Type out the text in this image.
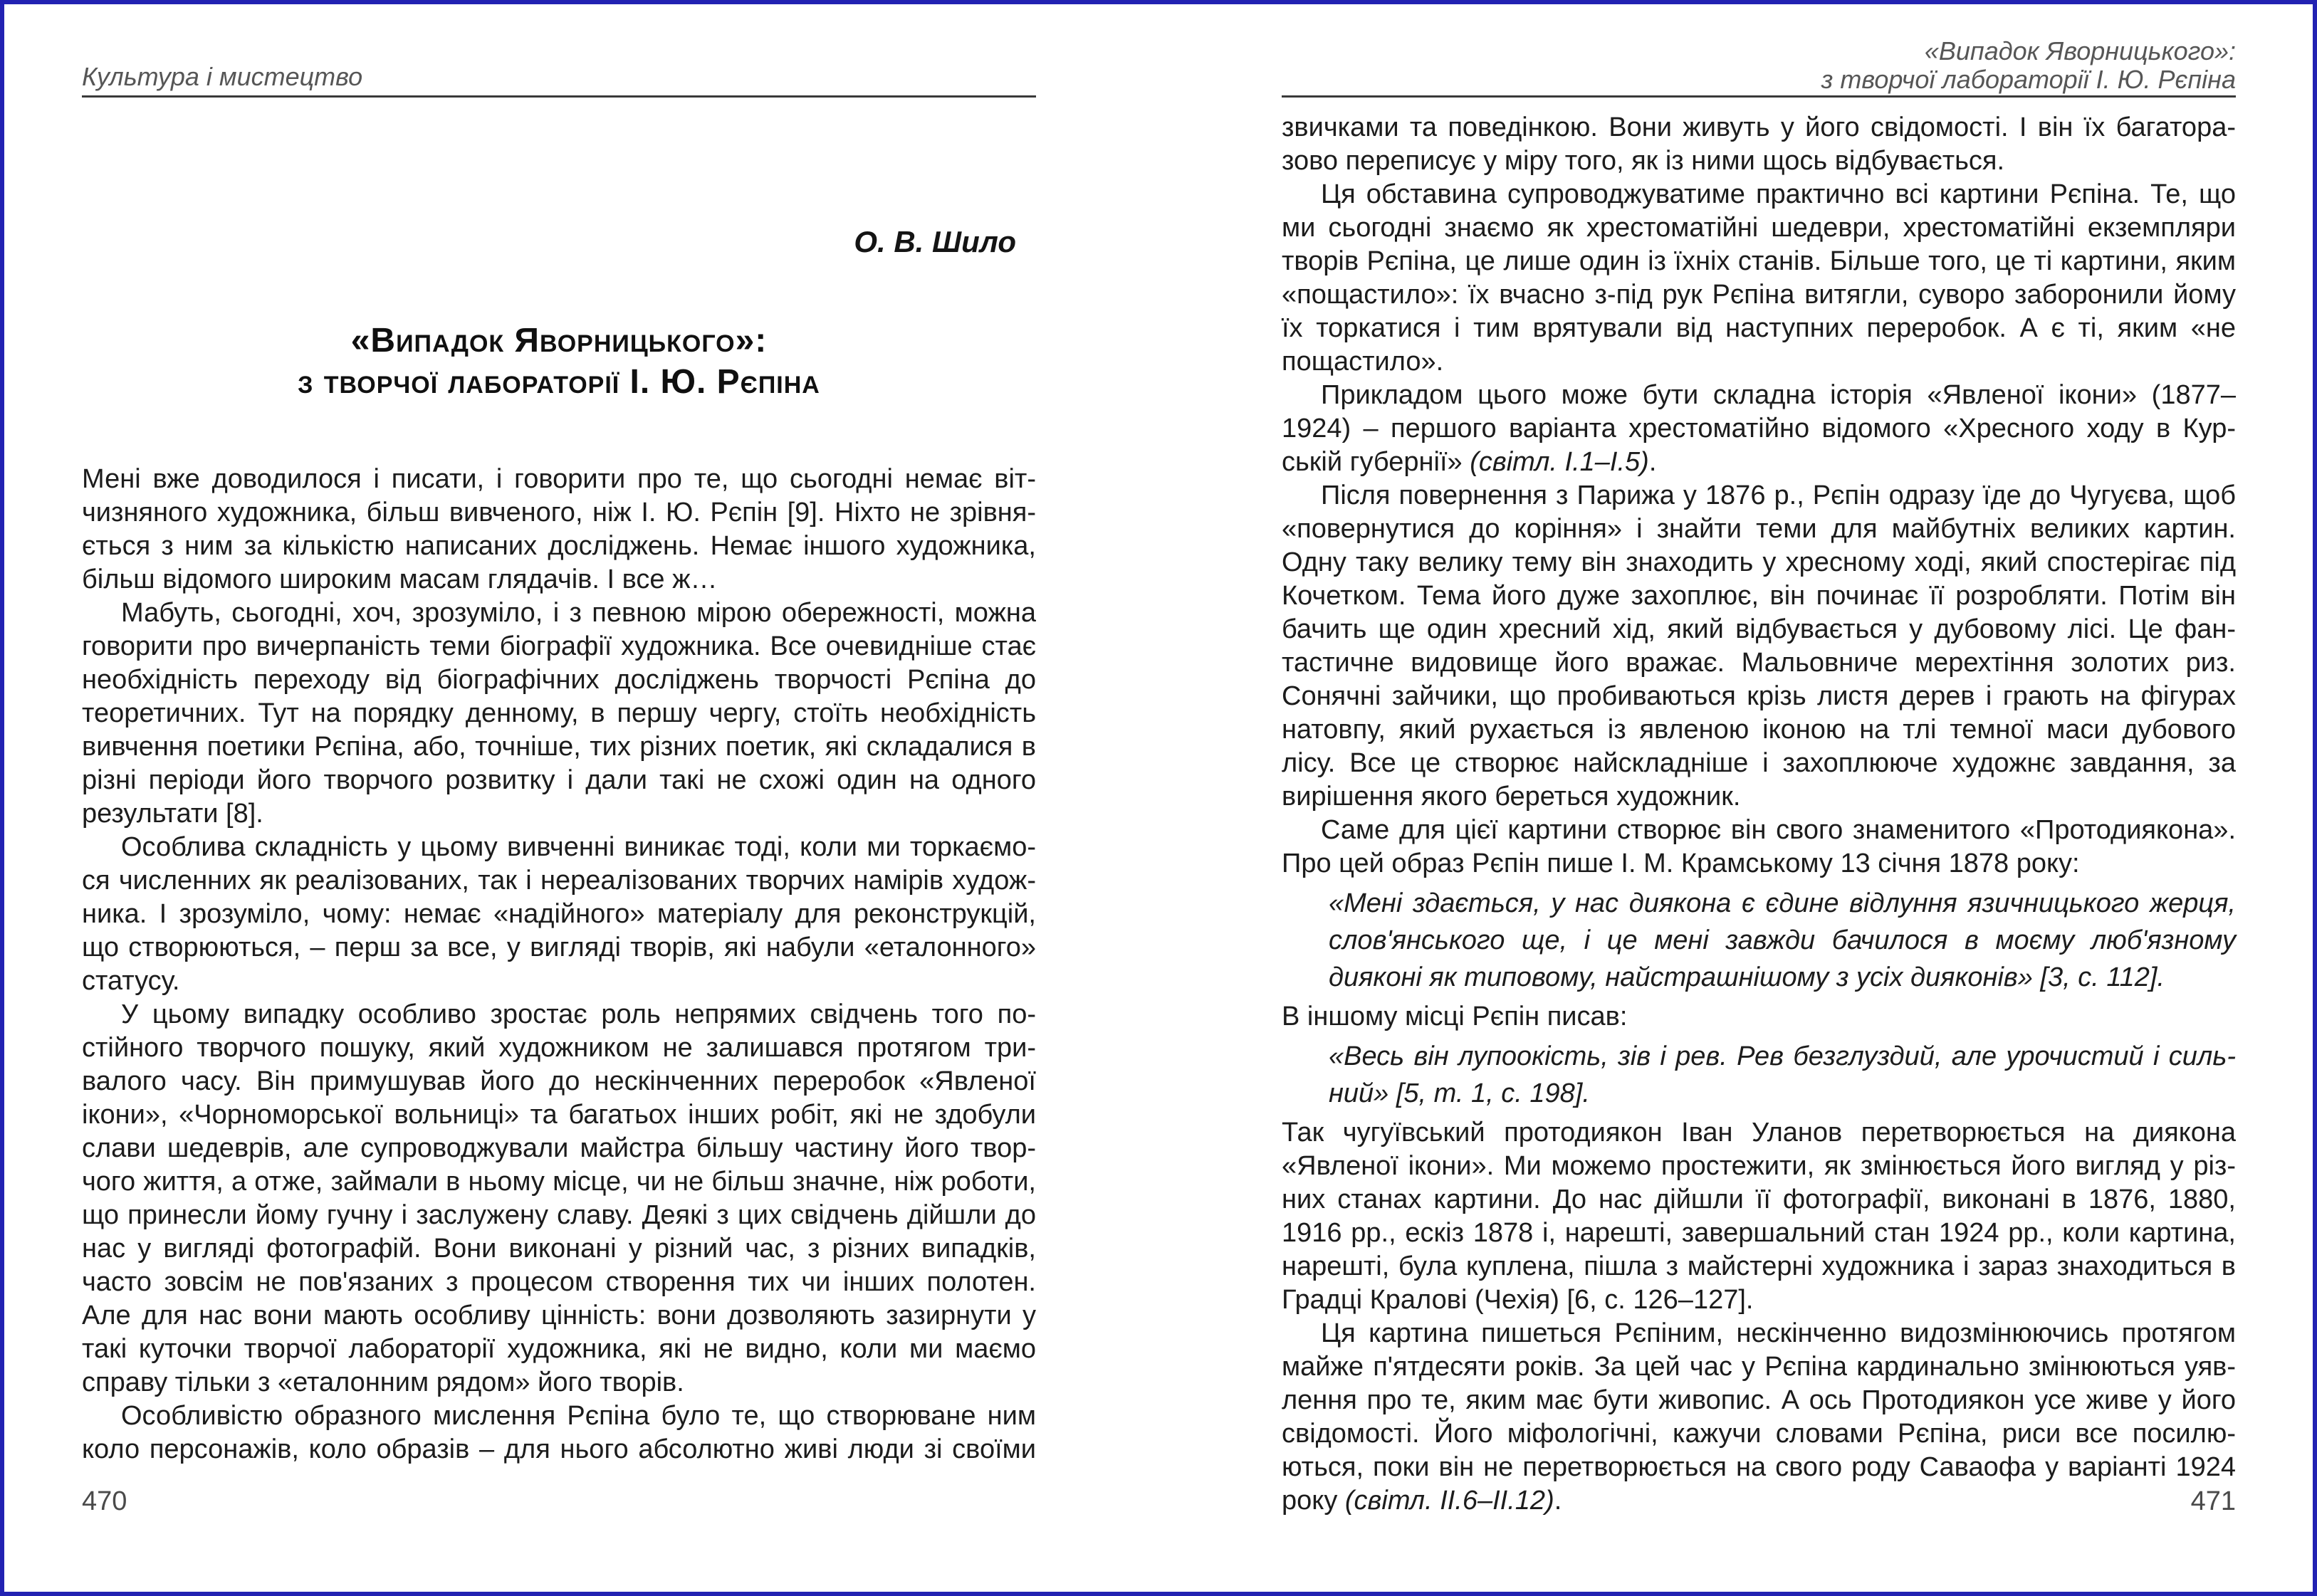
Культура і мистецтво
О. В. Шило
«Випадок Яворницького»:
з творчої лабораторії І. Ю. Рєпіна

Мені вже доводилося і писати, і говорити про те, що сьогодні немає вітчизняного художника, більш вивченого, ніж І. Ю. Рєпін [9]. Ніхто не зрівняється з ним за кількістю написаних досліджень. Немає іншого художника, більш відомого широким масам глядачів. І все ж…

Мабуть, сьогодні, хоч, зрозуміло, і з певною мірою обережності, можна говорити про вичерпаність теми біографії художника. Все очевидніше стає необхідність переходу від біографічних досліджень творчості Рєпіна до теоретичних. Тут на порядку денному, в першу чергу, стоїть необхідність вивчення поетики Рєпіна, або, точніше, тих різних поетик, які складалися в різні періоди його творчого розвитку і дали такі не схожі один на одного результати [8].

Особлива складність у цьому вивченні виникає тоді, коли ми торкаємося численних як реалізованих, так і нереалізованих творчих намірів художника. І зрозуміло, чому: немає «надійного» матеріалу для реконструкцій, що створюються, – перш за все, у вигляді творів, які набули «еталонного» статусу.

У цьому випадку особливо зростає роль непрямих свідчень того постійного творчого пошуку, який художником не залишався протягом тривалого часу. Він примушував його до нескінченних переробок «Явленої ікони», «Чорноморської вольниці» та багатьох інших робіт, які не здобули слави шедеврів, але супроводжували майстра більшу частину його творчого життя, а отже, займали в ньому місце, чи не більш значне, ніж роботи, що принесли йому гучну і заслужену славу. Деякі з цих свідчень дійшли до нас у вигляді фотографій. Вони виконані у різний час, з різних випадків, часто зовсім не пов'язаних з процесом створення тих чи інших полотен. Але для нас вони мають особливу цінність: вони дозволяють зазирнути у такі куточки творчої лабораторії художника, які не видно, коли ми маємо справу тільки з «еталонним рядом» його творів.

Особливістю образного мислення Рєпіна було те, що створюване ним коло персонажів, коло образів – для нього абсолютно живі люди зі своїми

470
«Випадок Яворницького»:
з творчої лабораторії І. Ю. Рєпіна

звичками та поведінкою. Вони живуть у його свідомості. І він їх багаторазово переписує у міру того, як із ними щось відбувається.

Ця обставина супроводжуватиме практично всі картини Рєпіна. Те, що ми сьогодні знаємо як хрестоматійні шедеври, хрестоматійні екземпляри творів Рєпіна, це лише один із їхніх станів. Більше того, це ті картини, яким «пощастило»: їх вчасно з-під рук Рєпіна витягли, суворо заборонили йому їх торкатися і тим врятували від наступних переробок. А є ті, яким «не пощастило».

Прикладом цього може бути складна історія «Явленої ікони» (1877–1924) – першого варіанта хрестоматійно відомого «Хресного ходу в Курській губернії» (світл. І.1–І.5).

Після повернення з Парижа у 1876 р., Рєпін одразу їде до Чугуєва, щоб «повернутися до коріння» і знайти теми для майбутніх великих картин. Одну таку велику тему він знаходить у хресному ході, який спостерігає під Кочетком. Тема його дуже захоплює, він починає її розробляти. Потім він бачить ще один хресний хід, який відбувається у дубовому лісі. Це фантастичне видовище його вражає. Мальовниче мерехтіння золотих риз. Сонячні зайчики, що пробиваються крізь листя дерев і грають на фігурах натовпу, який рухається із явленою іконою на тлі темної маси дубового лісу. Все це створює найскладніше і захоплююче художнє завдання, за вирішення якого береться художник.

Саме для цієї картини створює він свого знаменитого «Протодиякона». Про цей образ Рєпін пише І. М. Крамському 13 січня 1878 року:

«Мені здається, у нас диякона є єдине відлуння язичницького жерця, слов'янського ще, і це мені завжди бачилося в моєму люб'язному дияконі як типовому, найстрашнішому з усіх дияконів» [3, с. 112].

В іншому місці Рєпін писав:

«Весь він лупоокість, зів і рев. Рев безглуздий, але урочистий і сильний» [5, т. 1, с. 198].

Так чугуївський протодиякон Іван Уланов перетворюється на диякона «Явленої ікони». Ми можемо простежити, як змінюється його вигляд у різних станах картини. До нас дійшли її фотографії, виконані в 1876, 1880, 1916 рр., ескіз 1878 і, нарешті, завершальний стан 1924 рр., коли картина, нарешті, була куплена, пішла з майстерні художника і зараз знаходиться в Градці Кралові (Чехія) [6, с. 126–127].

Ця картина пишеться Рєпіним, нескінченно видозмінюючись протягом майже п'ятдесяти років. За цей час у Рєпіна кардинально змінюються уявлення про те, яким має бути живопис. А ось Протодиякон усе живе у його свідомості. Його міфологічні, кажучи словами Рєпіна, риси все посилюються, поки він не перетворюється на свого роду Саваофа у варіанті 1924 року (світл. ІІ.6–ІІ.12).	471
